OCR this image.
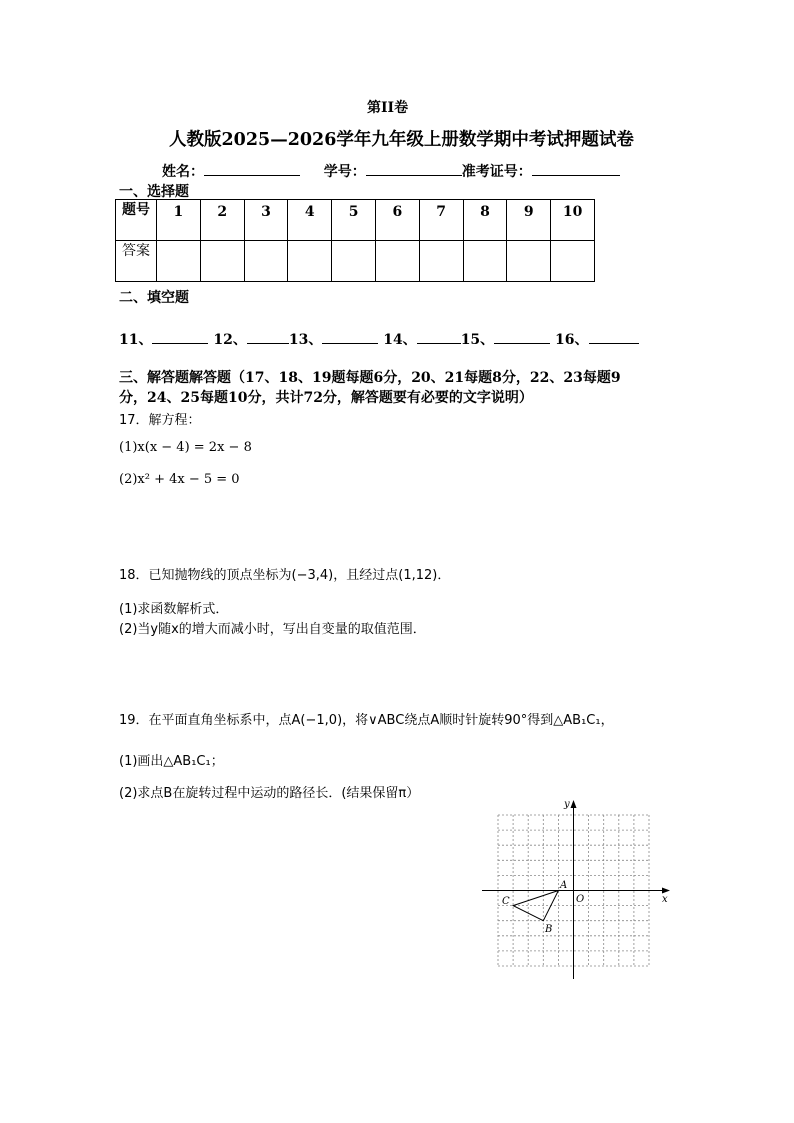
第II卷
人教版2025—2026学年九年级上册数学期中考试押题试卷
姓名：	学号：	准考证号：
一、选择题
题号	1	2	3	4	5	6	7	8	9	10
答案										
二、填空题
11、	12、	13、	14、	15、	16、
三、解答题解答题（17、18、19题每题6分，20、21每题8分，22、23每题9
分，24、25每题10分，共计72分，解答题要有必要的文字说明）
17．解方程：
(1)x(x − 4) = 2x − 8
(2)x² + 4x − 5 = 0
18．已知抛物线的顶点坐标为(−3,4)，且经过点(1,12)．
(1)求函数解析式．
(2)当y随x的增大而减小时，写出自变量的取值范围．
19．在平面直角坐标系中，点A(−1,0)，将∨ABC绕点A顺时针旋转90°得到△AB₁C₁，
(1)画出△AB₁C₁；
(2)求点B在旋转过程中运动的路径长．(结果保留π）
x
y
O
A
B
C
